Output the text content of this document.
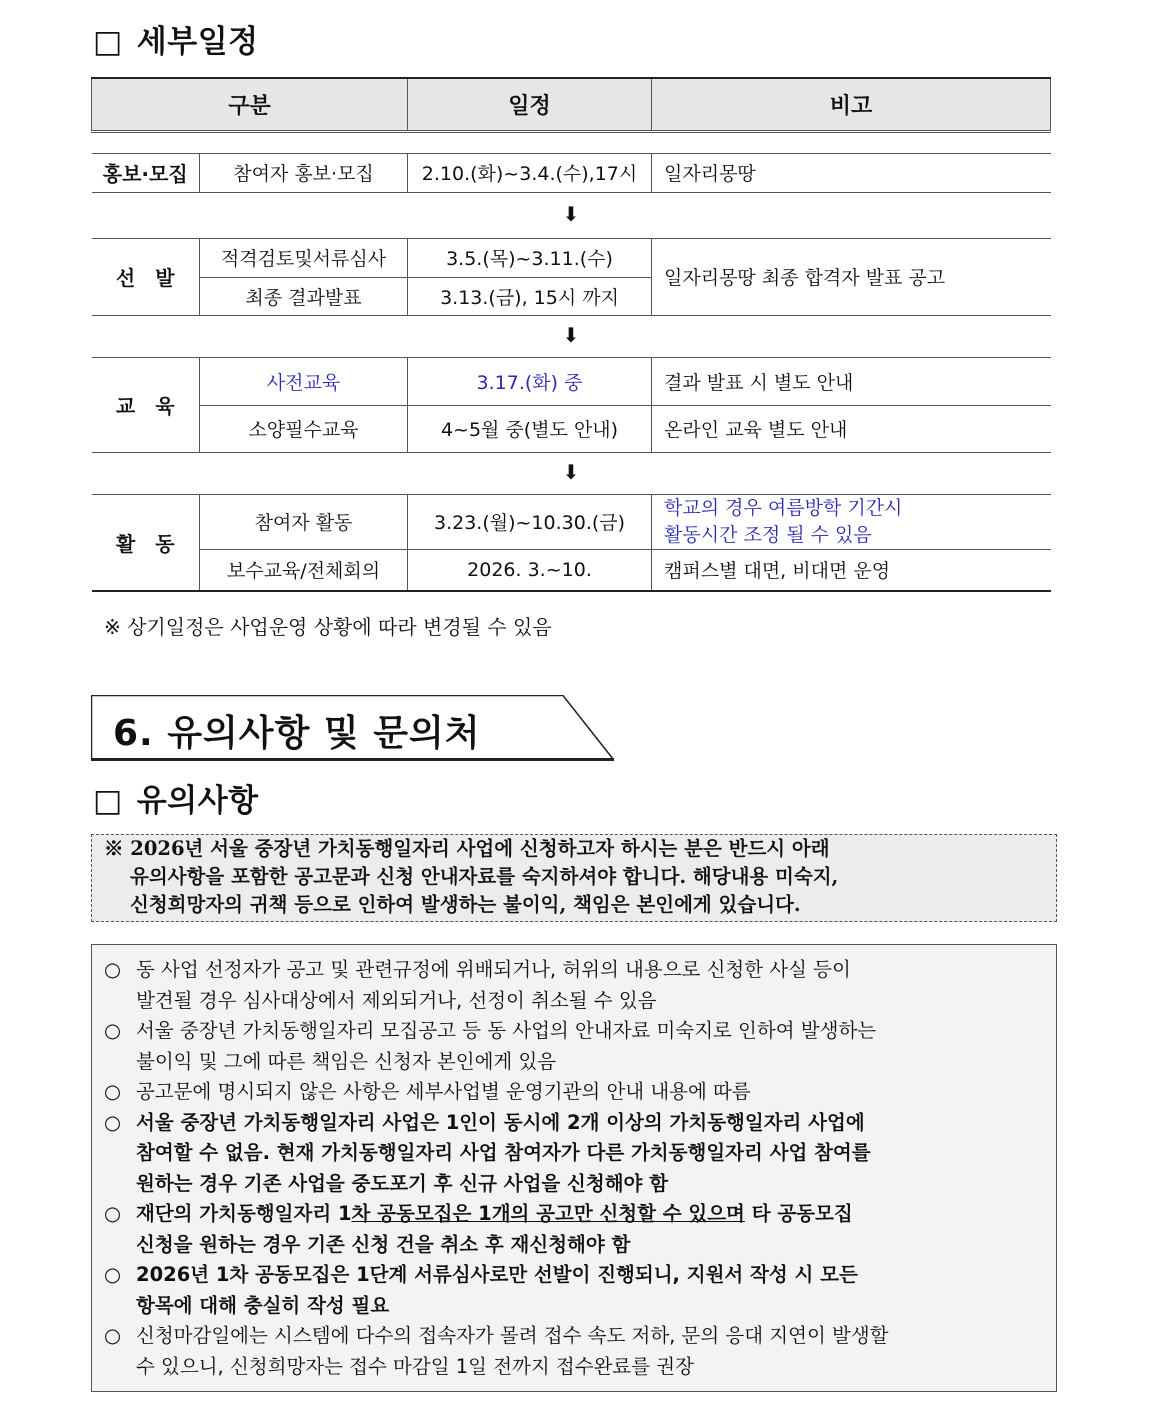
□ 세부일정
구분		일정	비고

홍보·모집	참여자 홍보·모집	2.10.(화)~3.4.(수),17시	일자리몽땅
⬇			
선　발	적격검토및서류심사	3.5.(목)~3.11.(수)	일자리몽땅 최종 합격자 발표 공고
	최종 결과발표	3.13.(금), 15시 까지	
⬇			
교　육	사전교육	3.17.(화) 중	결과 발표 시 별도 안내
	소양필수교육	4~5월 중(별도 안내)	온라인 교육 별도 안내
⬇			
활　동	참여자 활동	3.23.(월)~10.30.(금)	학교의 경우 여름방학 기간시
활동시간 조정 될 수 있음

	보수교육/전체회의	2026. 3.~10.	캠퍼스별 대면, 비대면 운영
※ 상기일정은 사업운영 상황에 따라 변경될 수 있음
6. 유의사항 및 문의처
□ 유의사항
※ 2026년 서울 중장년 가치동행일자리 사업에 신청하고자 하시는 분은 반드시 아래
유의사항을 포함한 공고문과 신청 안내자료를 숙지하셔야 합니다. 해당내용 미숙지,
신청희망자의 귀책 등으로 인하여 발생하는 불이익, 책임은 본인에게 있습니다.
○ 동 사업 선정자가 공고 및 관련규정에 위배되거나, 허위의 내용으로 신청한 사실 등이
발견될 경우 심사대상에서 제외되거나, 선정이 취소될 수 있음
○ 서울 중장년 가치동행일자리 모집공고 등 동 사업의 안내자료 미숙지로 인하여 발생하는
불이익 및 그에 따른 책임은 신청자 본인에게 있음
○ 공고문에 명시되지 않은 사항은 세부사업별 운영기관의 안내 내용에 따름
○ 서울 중장년 가치동행일자리 사업은 1인이 동시에 2개 이상의 가치동행일자리 사업에
참여할 수 없음. 현재 가치동행일자리 사업 참여자가 다른 가치동행일자리 사업 참여를
원하는 경우 기존 사업을 중도포기 후 신규 사업을 신청해야 함
○ 재단의 가치동행일자리 1차 공동모집은 1개의 공고만 신청할 수 있으며 타 공동모집
신청을 원하는 경우 기존 신청 건을 취소 후 재신청해야 함
○ 2026년 1차 공동모집은 1단계 서류심사로만 선발이 진행되니, 지원서 작성 시 모든
항목에 대해 충실히 작성 필요
○ 신청마감일에는 시스템에 다수의 접속자가 몰려 접수 속도 저하, 문의 응대 지연이 발생할
수 있으니, 신청희망자는 접수 마감일 1일 전까지 접수완료를 권장
